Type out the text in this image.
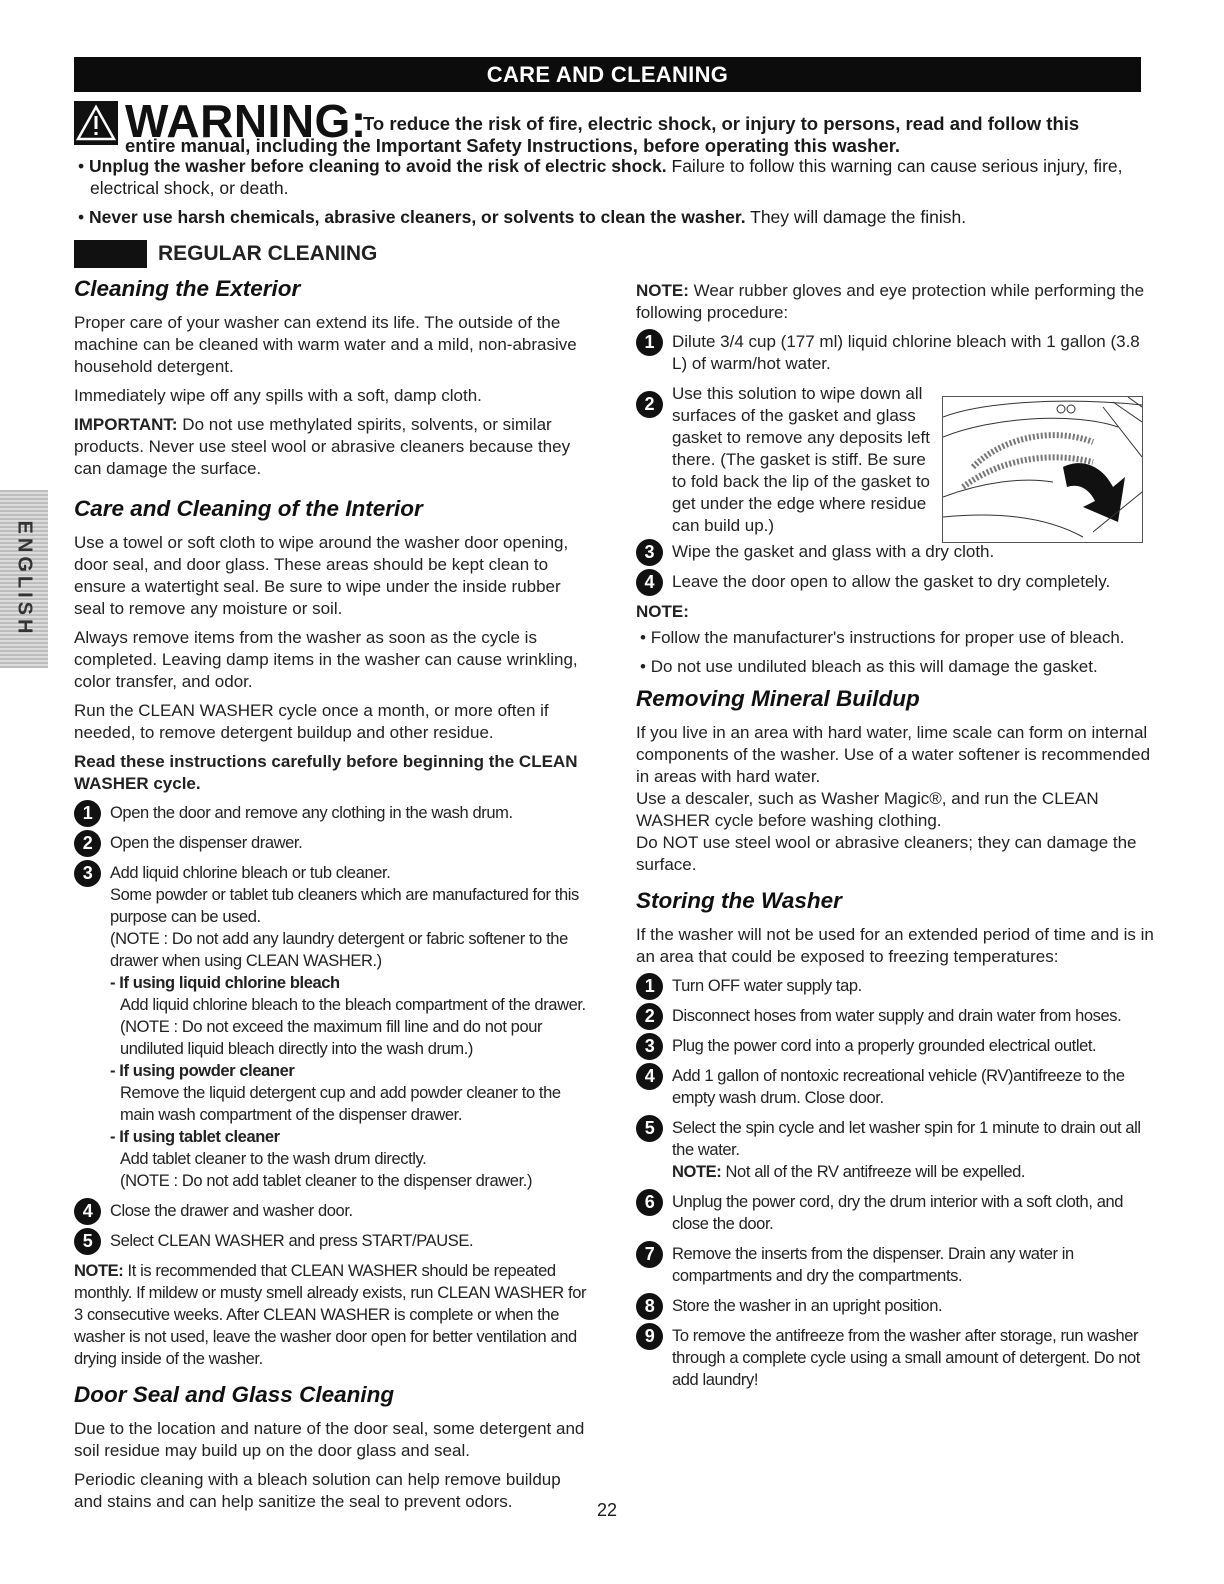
CARE AND CLEANING
WARNING:
To reduce the risk of fire, electric shock, or injury to persons, read and follow this
entire manual, including the Important Safety Instructions, before operating this washer.

• Unplug the washer before cleaning to avoid the risk of electric shock. Failure to follow this warning can cause serious injury, fire, electrical shock, or death.

• Never use harsh chemicals, abrasive cleaners, or solvents to clean the washer. They will damage the finish.

REGULAR CLEANING
ENGLISH
Cleaning the Exterior

Proper care of your washer can extend its life. The outside of the machine can be cleaned with warm water and a mild, non-abrasive household detergent.

Immediately wipe off any spills with a soft, damp cloth.

IMPORTANT: Do not use methylated spirits, solvents, or similar products. Never use steel wool or abrasive cleaners because they can damage the surface.

Care and Cleaning of the Interior

Use a towel or soft cloth to wipe around the washer door opening, door seal, and door glass. These areas should be kept clean to ensure a watertight seal. Be sure to wipe under the inside rubber seal to remove any moisture or soil.

Always remove items from the washer as soon as the cycle is completed. Leaving damp items in the washer can cause wrinkling, color transfer, and odor.

Run the CLEAN WASHER cycle once a month, or more often if needed, to remove detergent buildup and other residue.

Read these instructions carefully before beginning the CLEAN WASHER cycle.

1	Open the door and remove any clothing in the wash drum.
2	Open the dispenser drawer.
3	Add liquid chlorine bleach or tub cleaner.
Some powder or tablet tub cleaners which are manufactured for this purpose can be used.
(NOTE : Do not add any laundry detergent or fabric softener to the drawer when using CLEAN WASHER.)
- If using liquid chlorine bleach
Add liquid chlorine bleach to the bleach compartment of the drawer. (NOTE : Do not exceed the maximum fill line and do not pour undiluted liquid bleach directly into the wash drum.)
- If using powder cleaner
Remove the liquid detergent cup and add powder cleaner to the main wash compartment of the dispenser drawer.
- If using tablet cleaner
Add tablet cleaner to the wash drum directly.
(NOTE : Do not add tablet cleaner to the dispenser drawer.)
4	Close the drawer and washer door.
5	Select CLEAN WASHER and press START/PAUSE.

NOTE: It is recommended that CLEAN WASHER should be repeated monthly. If mildew or musty smell already exists, run CLEAN WASHER for 3 consecutive weeks. After CLEAN WASHER is complete or when the washer is not used, leave the washer door open for better ventilation and drying inside of the washer.

Door Seal and Glass Cleaning

Due to the location and nature of the door seal, some detergent and soil residue may build up on the door glass and seal.

Periodic cleaning with a bleach solution can help remove buildup and stains and can help sanitize the seal to prevent odors.

NOTE: Wear rubber gloves and eye protection while performing the following procedure:

1	Dilute 3/4 cup (177 ml) liquid chlorine bleach with 1 gallon (3.8 L) of warm/hot water.
2
Use this solution to wipe down all surfaces of the gasket and glass gasket to remove any deposits left there. (The gasket is stiff. Be sure to fold back the lip of the gasket to get under the edge where residue can build up.)
3	Wipe the gasket and glass with a dry cloth.
4	Leave the door open to allow the gasket to dry completely.

NOTE:

• Follow the manufacturer's instructions for proper use of bleach.

• Do not use undiluted bleach as this will damage the gasket.

Removing Mineral Buildup

If you live in an area with hard water, lime scale can form on internal components of the washer. Use of a water softener is recommended in areas with hard water.

Use a descaler, such as Washer Magic®, and run the CLEAN WASHER cycle before washing clothing.

Do NOT use steel wool or abrasive cleaners; they can damage the surface.

Storing the Washer

If the washer will not be used for an extended period of time and is in an area that could be exposed to freezing temperatures:

1	Turn OFF water supply tap.
2	Disconnect hoses from water supply and drain water from hoses.
3	Plug the power cord into a properly grounded electrical outlet.
4	Add 1 gallon of nontoxic recreational vehicle (RV)antifreeze to the empty wash drum. Close door.
5	Select the spin cycle and let washer spin for 1 minute to drain out all the water.
NOTE: Not all of the RV antifreeze will be expelled.
6	Unplug the power cord, dry the drum interior with a soft cloth, and close the door.
7	Remove the inserts from the dispenser. Drain any water in compartments and dry the compartments.
8	Store the washer in an upright position.
9	To remove the antifreeze from the washer after storage, run washer through a complete cycle using a small amount of detergent. Do not add laundry!
22
